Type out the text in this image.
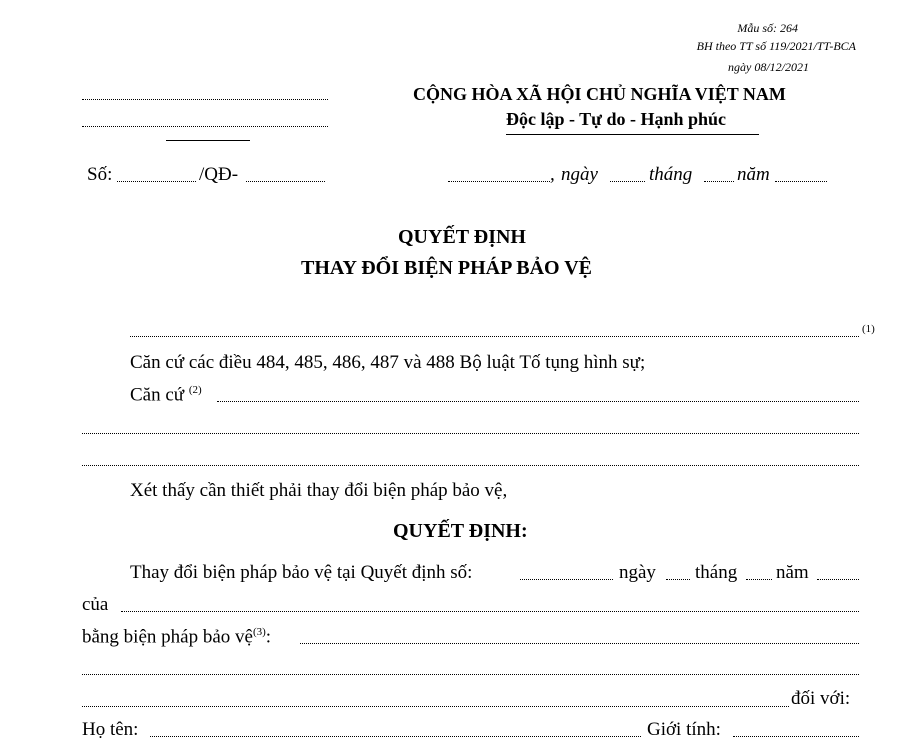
Mẫu số: 264
BH theo TT số 119/2021/TT-BCA
ngày 08/12/2021
CỘNG HÒA XÃ HỘI CHỦ NGHĨA VIỆT NAM
Độc lập - Tự do - Hạnh phúc
Số:	/QĐ-	, ngày	tháng năm
QUYẾT ĐỊNH
THAY ĐỔI BIỆN PHÁP BẢO VỆ
(1)
Căn cứ các điều 484, 485, 486, 487 và 488 Bộ luật Tố tụng hình sự;
Căn cứ $^{(2)}$
Xét thấy cần thiết phải thay đổi biện pháp bảo vệ,
QUYẾT ĐỊNH:
Thay đổi biện pháp bảo vệ tại Quyết định số:	ngày tháng năm
của
bằng biện pháp bảo vệ$^{(3)}$:
đối với:
Họ tên:	Giới tính:
